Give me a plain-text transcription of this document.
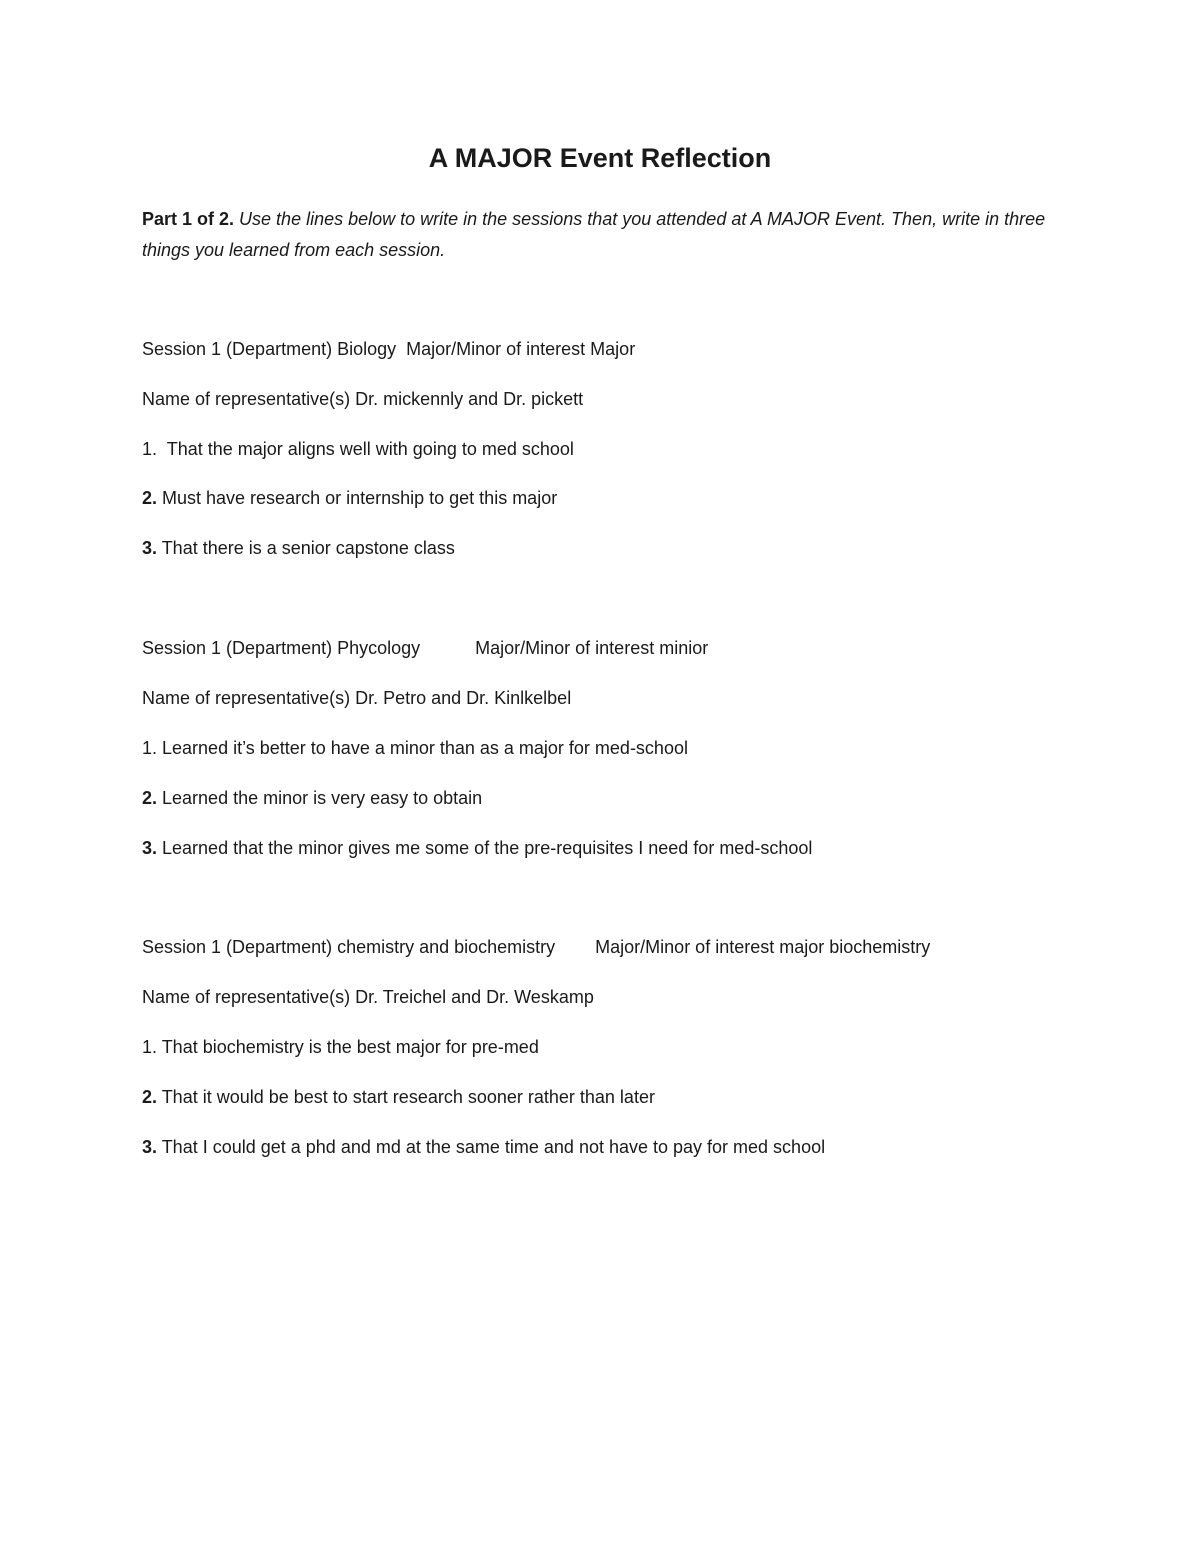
A MAJOR Event Reflection

Part 1 of 2. Use the lines below to write in the sessions that you attended at A MAJOR Event. Then, write in three things you learned from each session.

Session 1 (Department) Biology  Major/Minor of interest Major

Name of representative(s) Dr. mickennly and Dr. pickett

1.  That the major aligns well with going to med school

2. Must have research or internship to get this major

3. That there is a senior capstone class

Session 1 (Department) Phycology           Major/Minor of interest minior

Name of representative(s) Dr. Petro and Dr. Kinlkelbel

1. Learned it’s better to have a minor than as a major for med-school

2. Learned the minor is very easy to obtain

3. Learned that the minor gives me some of the pre-requisites I need for med-school

Session 1 (Department) chemistry and biochemistry        Major/Minor of interest major biochemistry

Name of representative(s) Dr. Treichel and Dr. Weskamp

1. That biochemistry is the best major for pre-med

2. That it would be best to start research sooner rather than later

3. That I could get a phd and md at the same time and not have to pay for med school
